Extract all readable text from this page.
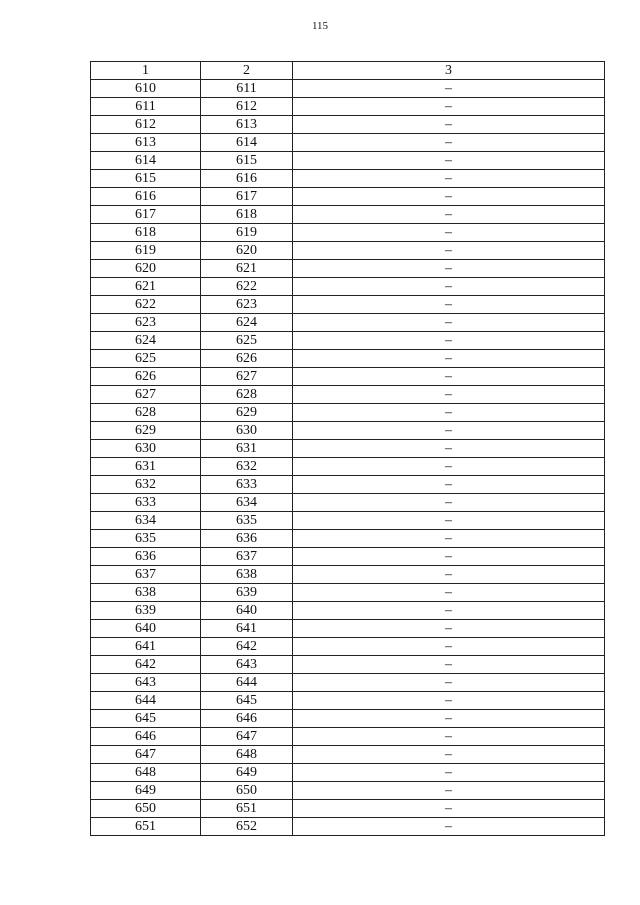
115
1	2	3
610	611	–
611	612	–
612	613	–
613	614	–
614	615	–
615	616	–
616	617	–
617	618	–
618	619	–
619	620	–
620	621	–
621	622	–
622	623	–
623	624	–
624	625	–
625	626	–
626	627	–
627	628	–
628	629	–
629	630	–
630	631	–
631	632	–
632	633	–
633	634	–
634	635	–
635	636	–
636	637	–
637	638	–
638	639	–
639	640	–
640	641	–
641	642	–
642	643	–
643	644	–
644	645	–
645	646	–
646	647	–
647	648	–
648	649	–
649	650	–
650	651	–
651	652	–
